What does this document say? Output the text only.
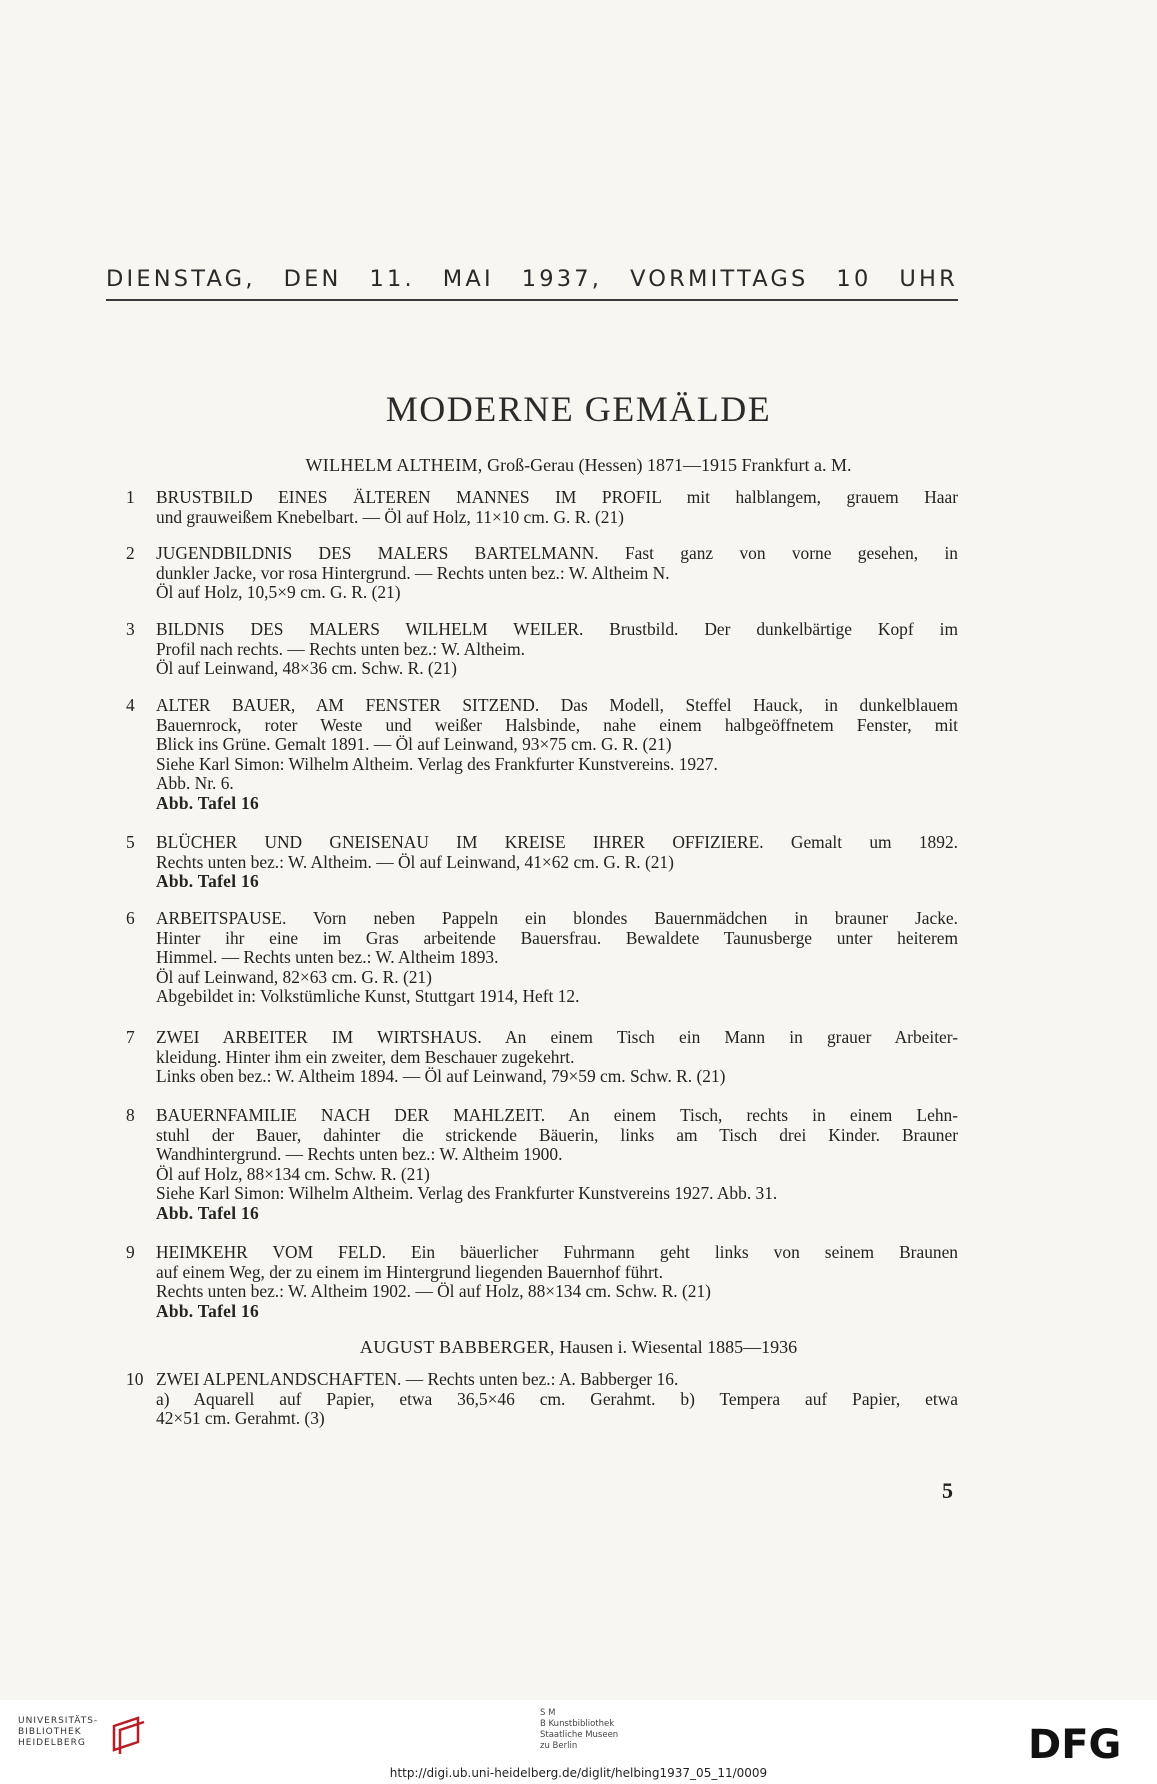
DIENSTAG, DEN 11. MAI 1937, VORMITTAGS 10 UHR
MODERNE GEMÄLDE
WILHELM ALTHEIM, Groß-Gerau (Hessen) 1871—1915 Frankfurt a. M.
1	BRUSTBILD EINES ÄLTEREN MANNES IM PROFIL mit halblangem, grauem Haar
und grauweißem Knebelbart. — Öl auf Holz, 11×10 cm. G. R. (21)
2	JUGENDBILDNIS DES MALERS BARTELMANN. Fast ganz von vorne gesehen, in
dunkler Jacke, vor rosa Hintergrund. — Rechts unten bez.: W. Altheim N.
Öl auf Holz, 10,5×9 cm. G. R. (21)
3	BILDNIS DES MALERS WILHELM WEILER. Brustbild. Der dunkelbärtige Kopf im
Profil nach rechts. — Rechts unten bez.: W. Altheim.
Öl auf Leinwand, 48×36 cm. Schw. R. (21)
4	ALTER BAUER, AM FENSTER SITZEND. Das Modell, Steffel Hauck, in dunkelblauem
Bauernrock, roter Weste und weißer Halsbinde, nahe einem halbgeöffnetem Fenster, mit
Blick ins Grüne. Gemalt 1891. — Öl auf Leinwand, 93×75 cm. G. R. (21)
Siehe Karl Simon: Wilhelm Altheim. Verlag des Frankfurter Kunstvereins. 1927.
Abb. Nr. 6.
Abb. Tafel 16
5	BLÜCHER UND GNEISENAU IM KREISE IHRER OFFIZIERE. Gemalt um 1892.
Rechts unten bez.: W. Altheim. — Öl auf Leinwand, 41×62 cm. G. R. (21)
Abb. Tafel 16
6	ARBEITSPAUSE. Vorn neben Pappeln ein blondes Bauernmädchen in brauner Jacke.
Hinter ihr eine im Gras arbeitende Bauersfrau. Bewaldete Taunusberge unter heiterem
Himmel. — Rechts unten bez.: W. Altheim 1893.
Öl auf Leinwand, 82×63 cm. G. R. (21)
Abgebildet in: Volkstümliche Kunst, Stuttgart 1914, Heft 12.
7	ZWEI ARBEITER IM WIRTSHAUS. An einem Tisch ein Mann in grauer Arbeiter-
kleidung. Hinter ihm ein zweiter, dem Beschauer zugekehrt.
Links oben bez.: W. Altheim 1894. — Öl auf Leinwand, 79×59 cm. Schw. R. (21)
8	BAUERNFAMILIE NACH DER MAHLZEIT. An einem Tisch, rechts in einem Lehn-
stuhl der Bauer, dahinter die strickende Bäuerin, links am Tisch drei Kinder. Brauner
Wandhintergrund. — Rechts unten bez.: W. Altheim 1900.
Öl auf Holz, 88×134 cm. Schw. R. (21)
Siehe Karl Simon: Wilhelm Altheim. Verlag des Frankfurter Kunstvereins 1927. Abb. 31.
Abb. Tafel 16
9	HEIMKEHR VOM FELD. Ein bäuerlicher Fuhrmann geht links von seinem Braunen
auf einem Weg, der zu einem im Hintergrund liegenden Bauernhof führt.
Rechts unten bez.: W. Altheim 1902. — Öl auf Holz, 88×134 cm. Schw. R. (21)
Abb. Tafel 16
AUGUST BABBERGER, Hausen i. Wiesental 1885—1936
10 ZWEI ALPENLANDSCHAFTEN. — Rechts unten bez.: A. Babberger 16.
a) Aquarell auf Papier, etwa 36,5×46 cm. Gerahmt. b) Tempera auf Papier, etwa
42×51 cm. Gerahmt. (3)
5
UNIVERSITÄTS-
BIBLIOTHEK
HEIDELBERG
S M
B Kunstbibliothek
Staatliche Museen
zu Berlin	DFG
http://digi.ub.uni-heidelberg.de/diglit/helbing1937_05_11/0009
